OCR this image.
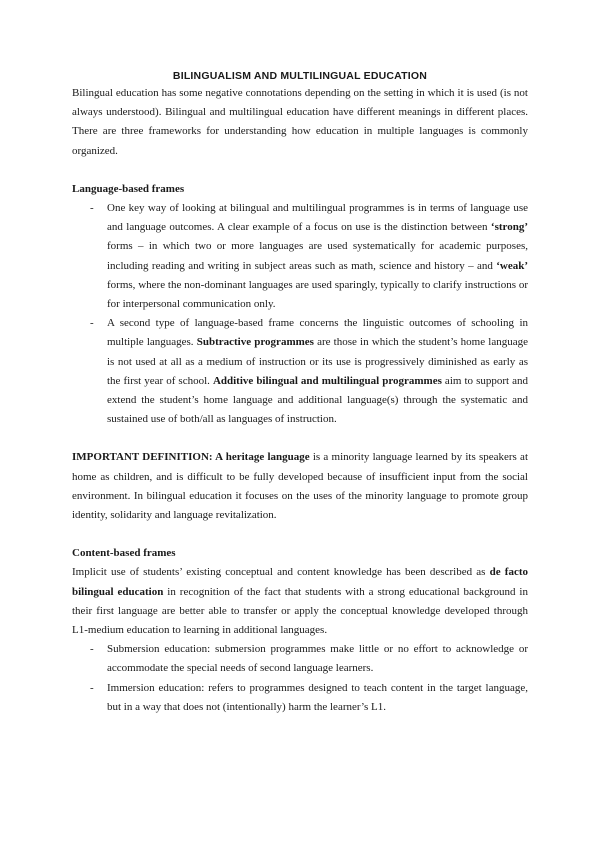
BILINGUALISM AND MULTILINGUAL EDUCATION

Bilingual education has some negative connotations depending on the setting in which it is used (is not always understood). Bilingual and multilingual education have different meanings in different places. There are three frameworks for understanding how education in multiple languages is commonly organized.

Language-based frames

- One key way of looking at bilingual and multilingual programmes is in terms of language use and language outcomes. A clear example of a focus on use is the distinction between ‘strong’ forms – in which two or more languages are used systematically for academic purposes, including reading and writing in subject areas such as math, science and history – and ‘weak’ forms, where the non-dominant languages are used sparingly, typically to clarify instructions or for interpersonal communication only.
- A second type of language-based frame concerns the linguistic outcomes of schooling in multiple languages. Subtractive programmes are those in which the student’s home language is not used at all as a medium of instruction or its use is progressively diminished as early as the first year of school. Additive bilingual and multilingual programmes aim to support and extend the student’s home language and additional language(s) through the systematic and sustained use of both/all as languages of instruction.

IMPORTANT DEFINITION: A heritage language is a minority language learned by its speakers at home as children, and is difficult to be fully developed because of insufficient input from the social environment. In bilingual education it focuses on the uses of the minority language to promote group identity, solidarity and language revitalization.

Content-based frames

Implicit use of students’ existing conceptual and content knowledge has been described as de facto bilingual education in recognition of the fact that students with a strong educational background in their first language are better able to transfer or apply the conceptual knowledge developed through L1-medium education to learning in additional languages.

- Submersion education: submersion programmes make little or no effort to acknowledge or accommodate the special needs of second language learners.
- Immersion education: refers to programmes designed to teach content in the target language, but in a way that does not (intentionally) harm the learner’s L1.
